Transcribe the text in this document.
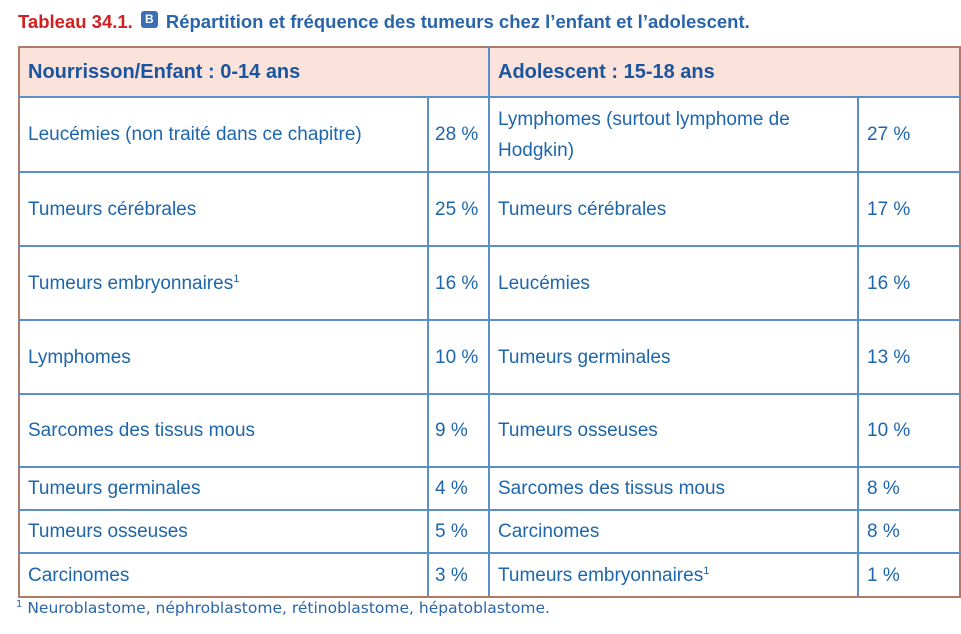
Tableau 34.1.	B Répartition et fréquence des tumeurs chez l’enfant et l’adolescent.
Nourrisson/Enfant : 0-14 ans		Adolescent : 15-18 ans	
Leucémies (non traité dans ce chapitre)	28 %	Lymphomes (surtout lymphome de Hodgkin)	27 %
Tumeurs cérébrales	25 %	Tumeurs cérébrales	17 %
Tumeurs embryonnaires$^1$	16 %	Leucémies	16 %
Lymphomes	10 %	Tumeurs germinales	13 %
Sarcomes des tissus mous	9 %	Tumeurs osseuses	10 %
Tumeurs germinales	4 %	Sarcomes des tissus mous	8 %
Tumeurs osseuses	5 %	Carcinomes	8 %
Carcinomes	3 %	Tumeurs embryonnaires$^1$	1 %
$^1$ Neuroblastome, néphroblastome, rétinoblastome, hépatoblastome.
